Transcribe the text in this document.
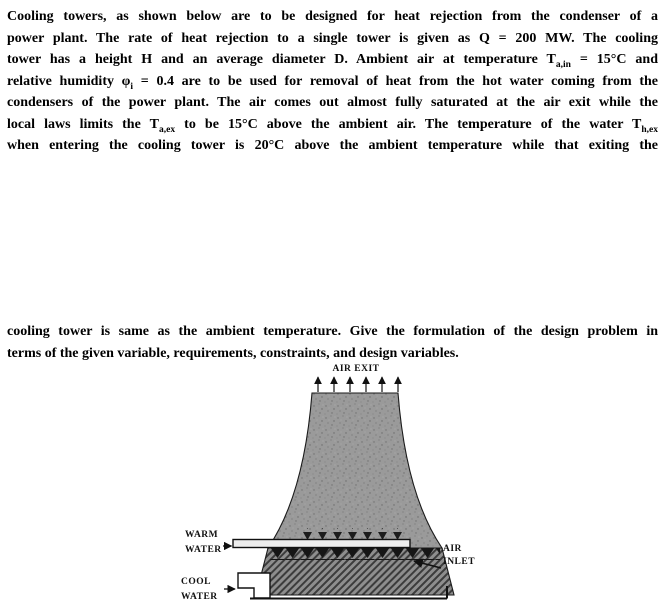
Cooling towers, as shown below are to be designed for heat rejection from the condenser of a
power plant. The rate of heat rejection to a single tower is given as Q = 200 MW. The cooling
tower has a height H and an average diameter D. Ambient air at temperature $T_{a,in} = 15^\circ C$ and
relative humidity $\varphi_i = 0.4$ are to be used for removal of heat from the hot water coming from the
condensers of the power plant. The air comes out almost fully saturated at the air exit while the
local laws limits the $T_{a,ex}$ to be 15°C above the ambient air. The temperature of the water $T_{h,ex}$
when entering the cooling tower is 20°C above the ambient temperature while that exiting the
cooling tower is same as the ambient temperature. Give the formulation of the design problem in
terms of the given variable, requirements, constraints, and design variables.
AIR EXIT
WARM
WATER	AIR
INLET
COOL
WATER
